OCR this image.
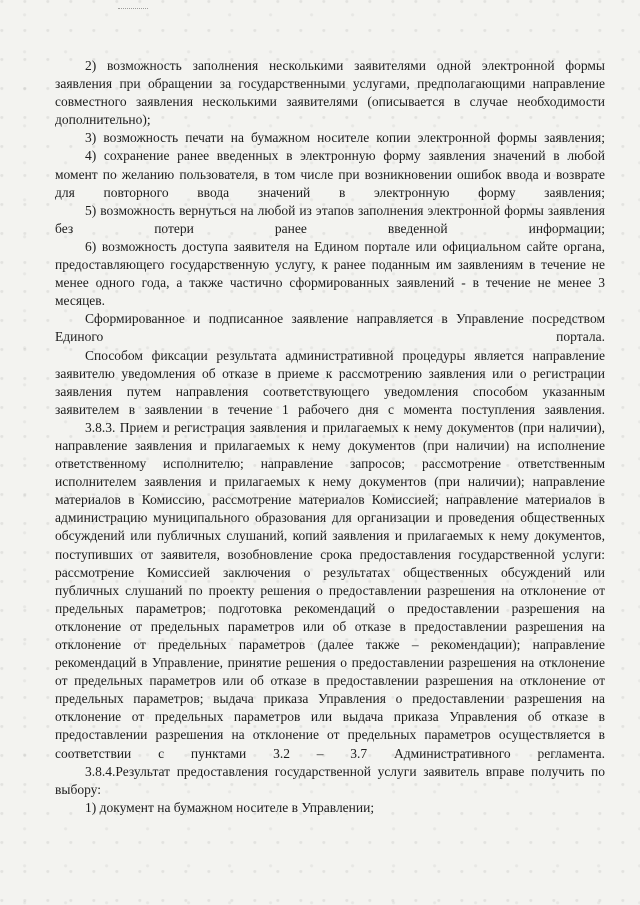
2) возможность заполнения несколькими заявителями одной электронной формы заявления при обращении за государственными услугами, предполагающими направление совместного заявления несколькими заявителями (описывается в случае необходимости дополнительно);

3) возможность печати на бумажном носителе копии электронной формы заявления;

4) сохранение ранее введенных в электронную форму заявления значений в любой момент по желанию пользователя, в том числе при возникновении ошибок ввода и возврате для повторного ввода значений в электронную форму заявления;

5) возможность вернуться на любой из этапов заполнения электронной формы заявления без потери ранее введенной информации;

6) возможность доступа заявителя на Едином портале или официальном сайте органа, предоставляющего государственную услугу, к ранее поданным им заявлениям в течение не менее одного года, а также частично сформированных заявлений - в течение не менее 3 месяцев.

Сформированное и подписанное заявление направляется в Управление посредством Единого портала.

Способом фиксации результата административной процедуры является направление заявителю уведомления об отказе в приеме к рассмотрению заявления или о регистрации заявления путем направления соответствующего уведомления способом указанным заявителем в заявлении в течение 1 рабочего дня с момента поступления заявления.

3.8.3. Прием и регистрация заявления и прилагаемых к нему документов (при наличии), направление заявления и прилагаемых к нему документов (при наличии) на исполнение ответственному исполнителю; направление запросов; рассмотрение ответственным исполнителем заявления и прилагаемых к нему документов (при наличии); направление материалов в Комиссию, рассмотрение материалов Комиссией; направление материалов в администрацию муниципального образования для организации и проведения общественных обсуждений или публичных слушаний, копий заявления и прилагаемых к нему документов, поступивших от заявителя, возобновление срока предоставления государственной услуги: рассмотрение Комиссией заключения о результатах общественных обсуждений или публичных слушаний по проекту решения о предоставлении разрешения на отклонение от предельных параметров; подготовка рекомендаций о предоставлении разрешения на отклонение от предельных параметров или об отказе в предоставлении разрешения на отклонение от предельных параметров (далее также – рекомендации); направление рекомендаций в Управление, принятие решения о предоставлении разрешения на отклонение от предельных параметров или об отказе в предоставлении разрешения на отклонение от предельных параметров; выдача приказа Управления о предоставлении разрешения на отклонение от предельных параметров или выдача приказа Управления об отказе в предоставлении разрешения на отклонение от предельных параметров осуществляется в соответствии с пунктами 3.2 – 3.7 Административного регламента.

3.8.4.Результат предоставления государственной услуги заявитель вправе получить по выбору:

1) документ на бумажном носителе в Управлении;
